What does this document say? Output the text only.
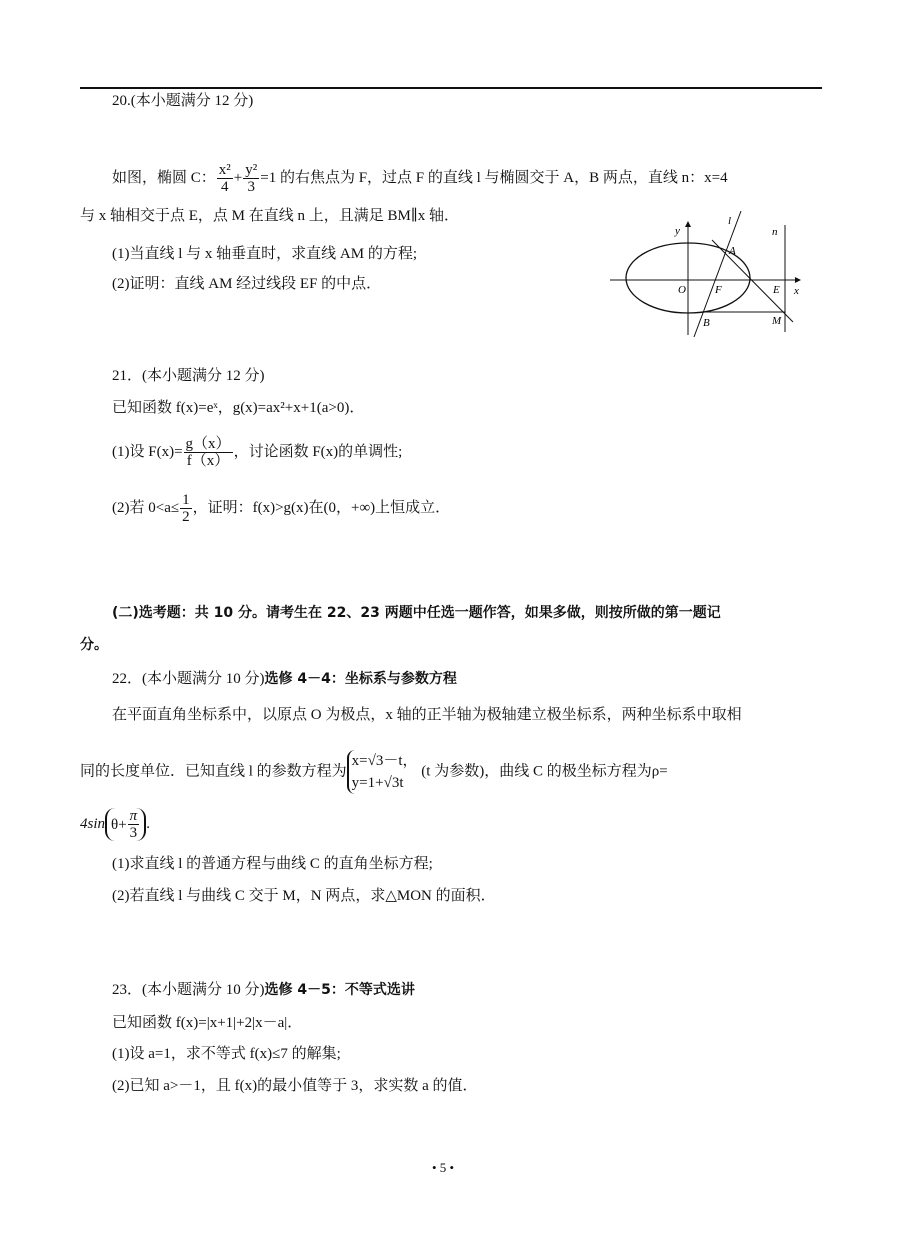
20.(本小题满分 12 分)
如图，椭圆 C： $\frac{\text{x²}}{4} + \frac{\text{y²}}{3} =1$ 的右焦点为 F，过点 F 的直线 l 与椭圆交于 A，B 两点，直线 n：x=4
与 x 轴相交于点 E，点 M 在直线 n 上，且满足 BM∥x 轴．
(1)当直线 l 与 x 轴垂直时，求直线 AM 的方程;
(2)证明：直线 AM 经过线段 EF 的中点．
y
l
n
A
O	F	E x
B	M
21．(本小题满分 12 分)
已知函数 f(x)=eˣ，g(x)=ax²+x+1(a>0)．
(1)设 $F(x)= \frac{g(x)}{f(x)}$ ，讨论函数 F(x)的单调性;
(2)若 $0<a\le \frac{1}{2}$ ，证明：f(x)>g(x)在(0，+∞)上恒成立．
(二)选考题：共 10 分。请考生在 22、23 两题中任选一题作答，如果多做，则按所做的第一题记
分。
22．(本小题满分 10 分)选修 4－4：坐标系与参数方程
在平面直角坐标系中，以原点 O 为极点，x 轴的正半轴为极轴建立极坐标系，两种坐标系中取相
同的长度单位．已知直线 l 的参数方程为
x=√3－t，
y=1+√3t
(t 为参数)，曲线 C 的极坐标方程为ρ=
4sin $\theta+ \frac{\pi}{3}$ .
(1)求直线 l 的普通方程与曲线 C 的直角坐标方程;
(2)若直线 l 与曲线 C 交于 M，N 两点，求△MON 的面积．
23．(本小题满分 10 分)选修 4－5：不等式选讲
已知函数 f(x)=|x+1|+2|x－a|．
(1)设 a=1，求不等式 f(x)≤7 的解集;
(2)已知 a>－1，且 f(x)的最小值等于 3，求实数 a 的值．
• 5 •
